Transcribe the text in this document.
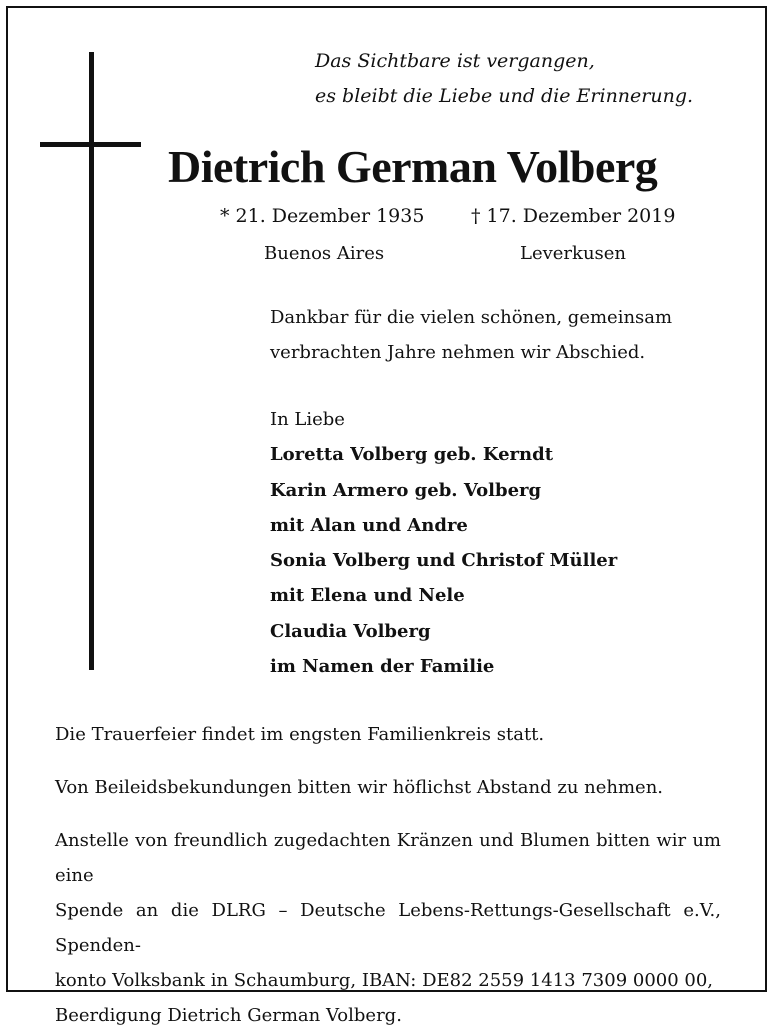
Das Sichtbare ist vergangen,
es bleibt die Liebe und die Erinnerung.
Dietrich German Volberg
* 21. Dezember 1935 † 17. Dezember 2019
Buenos Aires	Leverkusen
Dankbar für die vielen schönen, gemeinsam
verbrachten Jahre nehmen wir Abschied.
In Liebe
Loretta Volberg geb. Kerndt
Karin Armero geb. Volberg
mit Alan und Andre
Sonia Volberg und Christof Müller
mit Elena und Nele
Claudia Volberg
im Namen der Familie

Die Trauerfeier findet im engsten Familienkreis statt.

Von Beileidsbekundungen bitten wir höflichst Abstand zu nehmen.

Anstelle von freundlich zugedachten Kränzen und Blumen bitten wir um eine
Spende an die DLRG – Deutsche Lebens-Rettungs-Gesellschaft e.V., Spenden-
konto Volksbank in Schaumburg, IBAN: DE82 2559 1413 7309 0000 00,
Beerdigung Dietrich German Volberg.
